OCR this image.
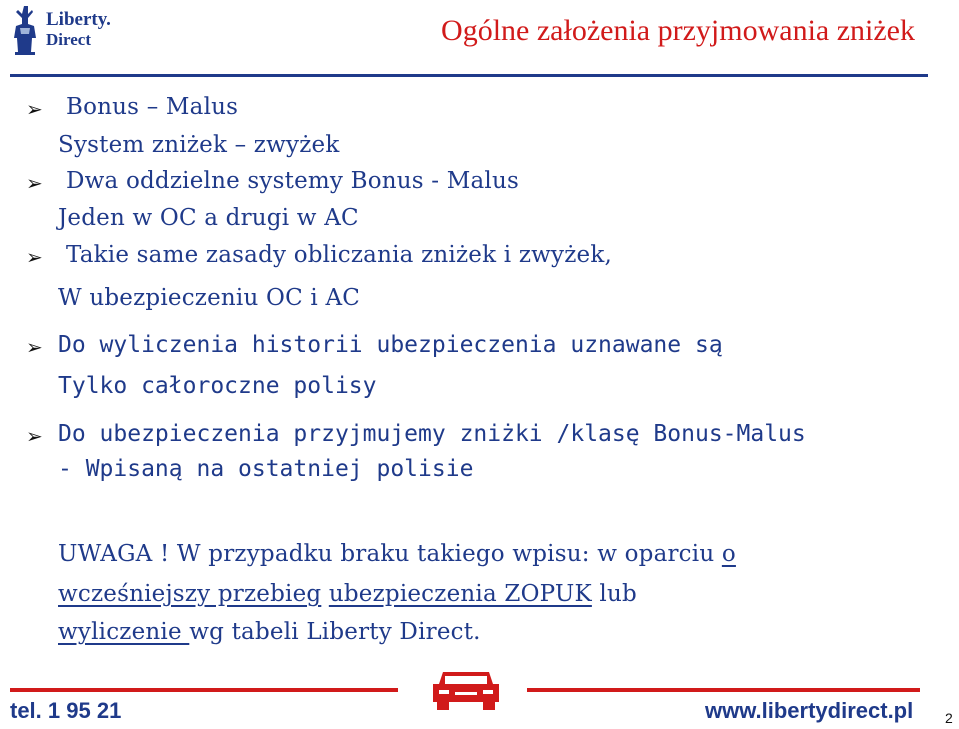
Liberty.
Direct	Ogólne założenia przyjmowania zniżek
➢ Bonus – Malus
System zniżek – zwyżek
➢ Dwa oddzielne systemy Bonus - Malus
Jeden w OC a drugi w AC
➢ Takie same zasady obliczania zniżek i zwyżek,
W ubezpieczeniu OC i AC
➢ Do wyliczenia historii ubezpieczenia uznawane są
Tylko całoroczne polisy
➢ Do ubezpieczenia przyjmujemy zniżki /klasę Bonus-Malus
- Wpisaną na ostatniej polisie
UWAGA ! W przypadku braku takiego wpisu: w oparciu o
wcześniejszy przebieg ubezpieczenia ZOPUK lub
wyliczenie wg tabeli Liberty Direct.
tel. 1 95 21	www.libertydirect.pl 2
